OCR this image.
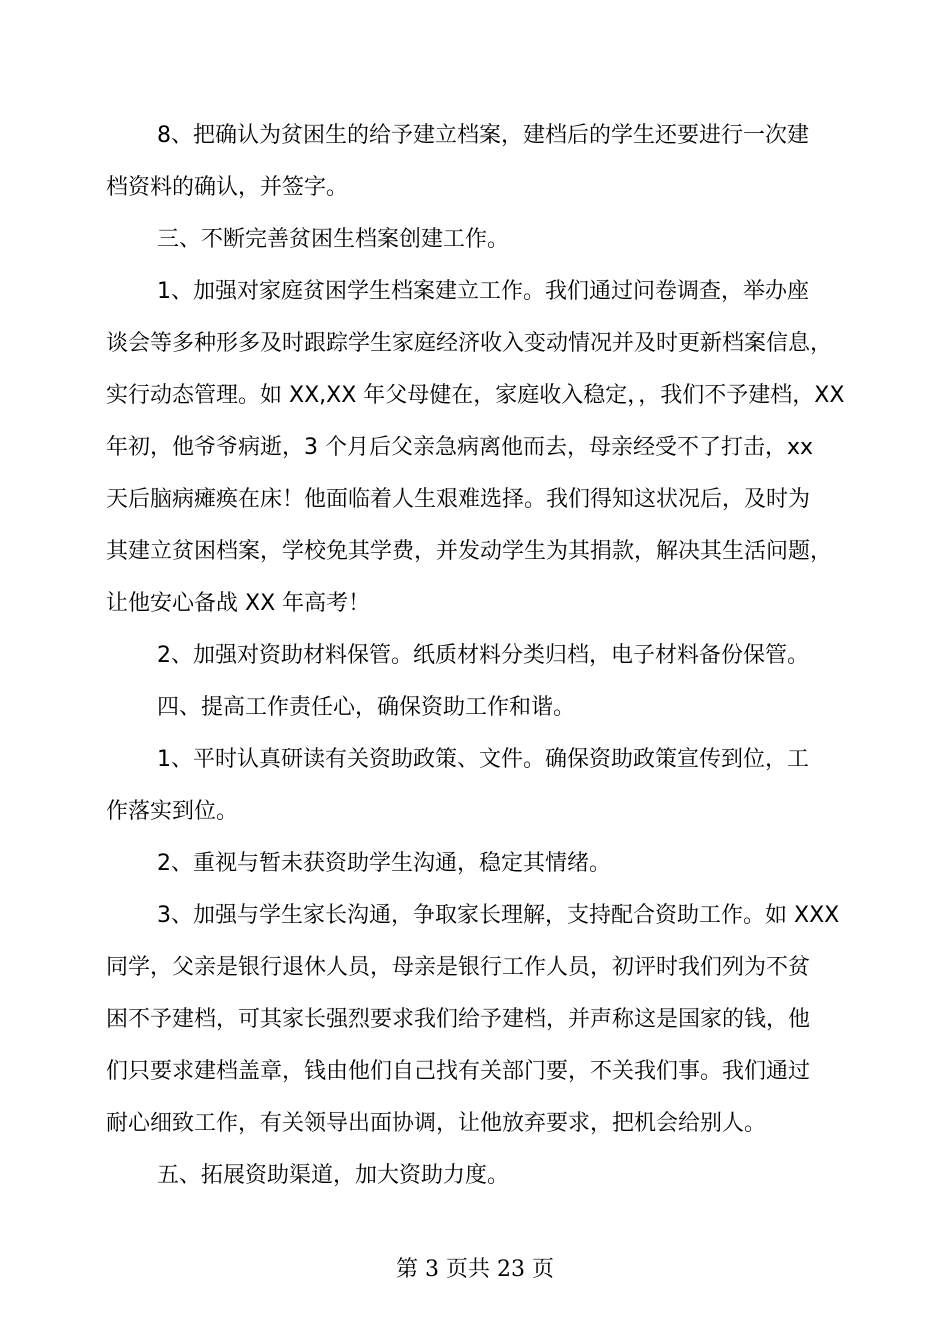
8、把确认为贫困生的给予建立档案，建档后的学生还要进行一次建
档资料的确认，并签字。
三、不断完善贫困生档案创建工作。
1、加强对家庭贫困学生档案建立工作。我们通过问卷调查，举办座
谈会等多种形多及时跟踪学生家庭经济收入变动情况并及时更新档案信息，
实行动态管理。如 XX,XX 年父母健在，家庭收入稳定，，我们不予建档，XX
年初，他爷爷病逝，3 个月后父亲急病离他而去，母亲经受不了打击，xx
天后脑病瘫痪在床！他面临着人生艰难选择。我们得知这状况后，及时为
其建立贫困档案，学校免其学费，并发动学生为其捐款，解决其生活问题，
让他安心备战 XX 年高考！
2、加强对资助材料保管。纸质材料分类归档，电子材料备份保管。
四、提高工作责任心，确保资助工作和谐。
1、平时认真研读有关资助政策、文件。确保资助政策宣传到位，工
作落实到位。
2、重视与暂未获资助学生沟通，稳定其情绪。
3、加强与学生家长沟通，争取家长理解，支持配合资助工作。如 XXX
同学，父亲是银行退休人员，母亲是银行工作人员，初评时我们列为不贫
困不予建档，可其家长强烈要求我们给予建档，并声称这是国家的钱，他
们只要求建档盖章，钱由他们自己找有关部门要，不关我们事。我们通过
耐心细致工作，有关领导出面协调，让他放弃要求，把机会给别人。
五、拓展资助渠道，加大资助力度。
第 3 页共 23 页
